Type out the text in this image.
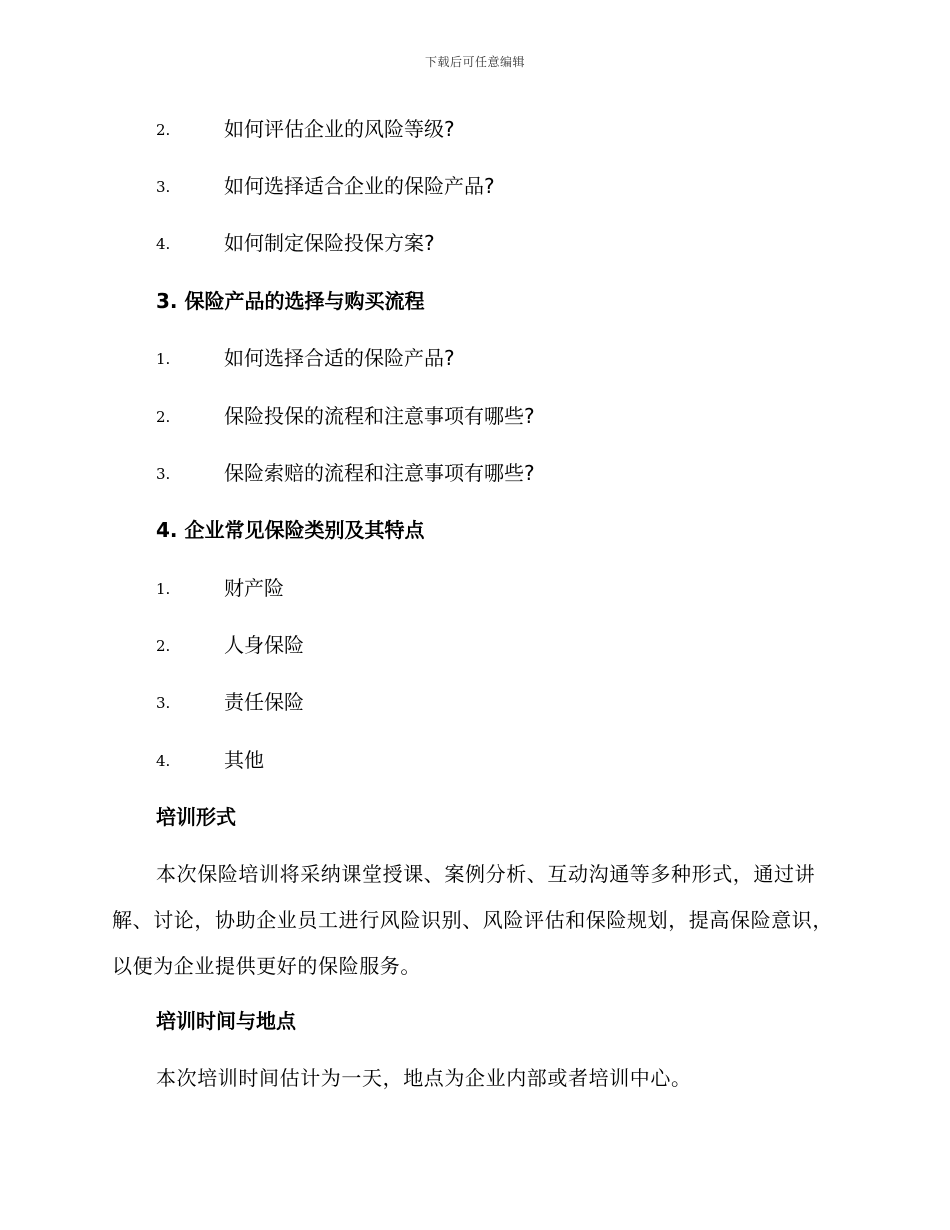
下载后可任意编辑
2.	如何评估企业的风险等级?
3.	如何选择适合企业的保险产品?
4.	如何制定保险投保方案?
3. 保险产品的选择与购买流程
1.	如何选择合适的保险产品?
2.	保险投保的流程和注意事项有哪些?
3.	保险索赔的流程和注意事项有哪些?
4. 企业常见保险类别及其特点
1.	财产险
2.	人身保险
3.	责任保险
4.	其他
培训形式
本次保险培训将采纳课堂授课、案例分析、互动沟通等多种形式，通过讲解、讨论，协助企业员工进行风险识别、风险评估和保险规划，提高保险意识，以便为企业提供更好的保险服务。
培训时间与地点
本次培训时间估计为一天，地点为企业内部或者培训中心。
